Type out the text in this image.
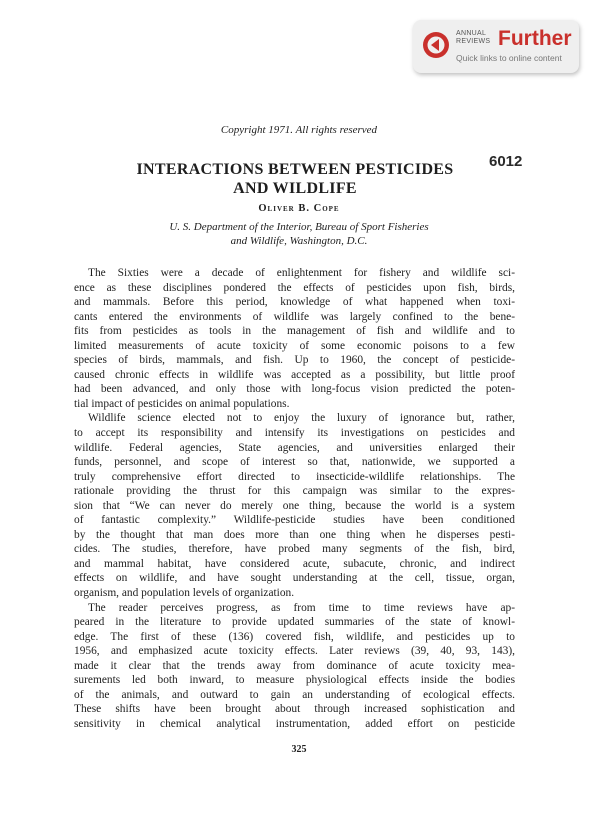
ANNUAL
REVIEWS Further
Quick links to online content
Copyright 1971. All rights reserved
6012
INTERACTIONS BETWEEN PESTICIDES
AND WILDLIFE
Oliver B. Cope
U. S. Department of the Interior, Bureau of Sport Fisheries
and Wildlife, Washington, D.C.
The Sixties were a decade of enlightenment for fishery and wildlife sci-
ence as these disciplines pondered the effects of pesticides upon fish, birds,
and mammals. Before this period, knowledge of what happened when toxi-
cants entered the environments of wildlife was largely confined to the bene-
fits from pesticides as tools in the management of fish and wildlife and to
limited measurements of acute toxicity of some economic poisons to a few
species of birds, mammals, and fish. Up to 1960, the concept of pesticide-
caused chronic effects in wildlife was accepted as a possibility, but little proof
had been advanced, and only those with long-focus vision predicted the poten-
tial impact of pesticides on animal populations.
Wildlife science elected not to enjoy the luxury of ignorance but, rather,
to accept its responsibility and intensify its investigations on pesticides and
wildlife. Federal agencies, State agencies, and universities enlarged their
funds, personnel, and scope of interest so that, nationwide, we supported a
truly comprehensive effort directed to insecticide-wildlife relationships. The
rationale providing the thrust for this campaign was similar to the expres-
sion that “We can never do merely one thing, because the world is a system
of fantastic complexity.” Wildlife-pesticide studies have been conditioned
by the thought that man does more than one thing when he disperses pesti-
cides. The studies, therefore, have probed many segments of the fish, bird,
and mammal habitat, have considered acute, subacute, chronic, and indirect
effects on wildlife, and have sought understanding at the cell, tissue, organ,
organism, and population levels of organization.
The reader perceives progress, as from time to time reviews have ap-
peared in the literature to provide updated summaries of the state of knowl-
edge. The first of these (136) covered fish, wildlife, and pesticides up to
1956, and emphasized acute toxicity effects. Later reviews (39, 40, 93, 143),
made it clear that the trends away from dominance of acute toxicity mea-
surements led both inward, to measure physiological effects inside the bodies
of the animals, and outward to gain an understanding of ecological effects.
These shifts have been brought about through increased sophistication and
sensitivity in chemical analytical instrumentation, added effort on pesticide
325
